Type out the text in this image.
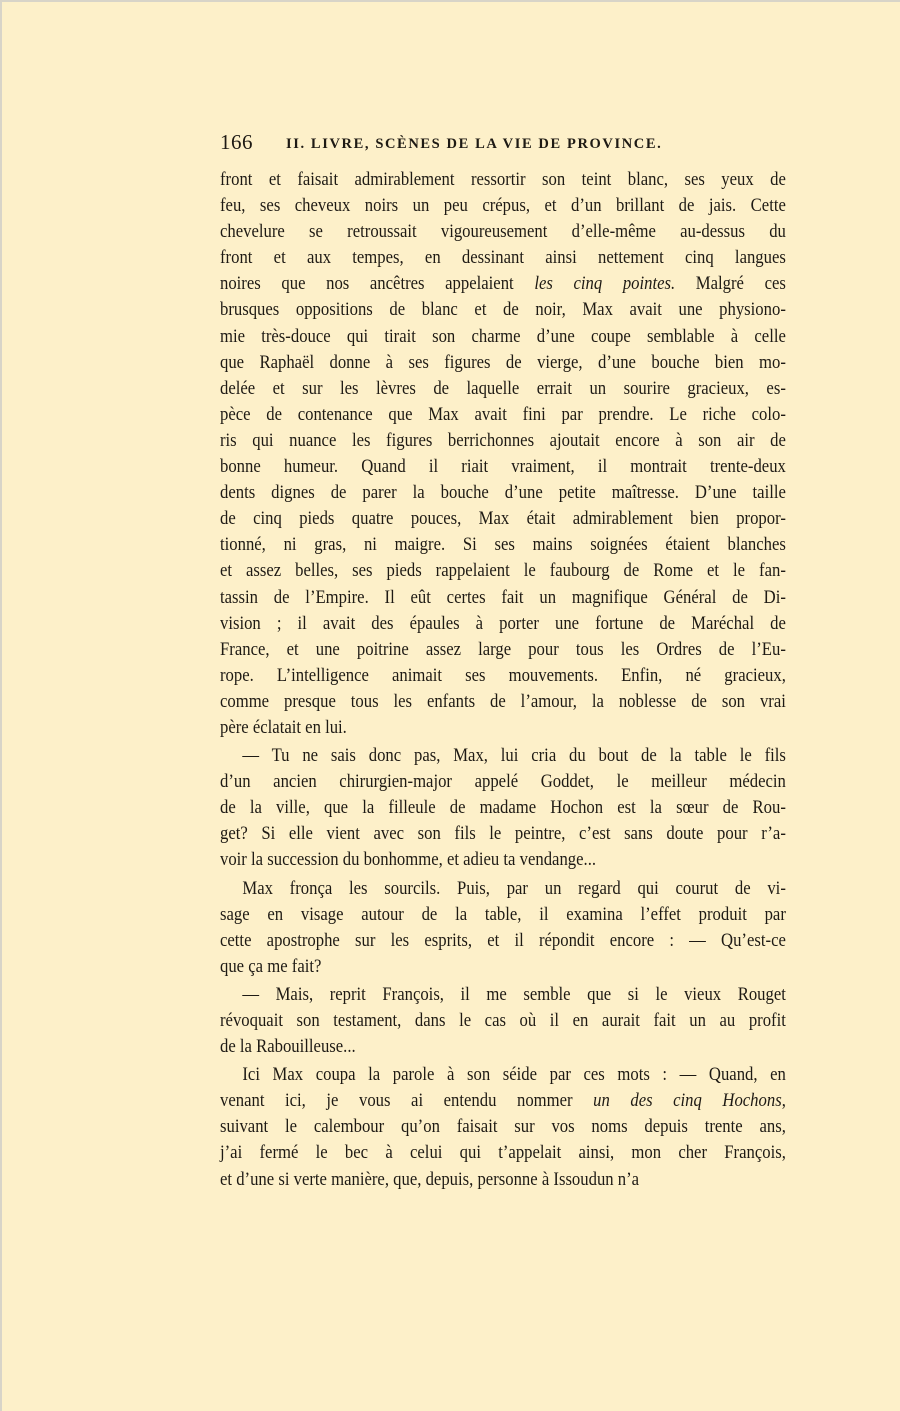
166 II. LIVRE, SCÈNES DE LA VIE DE PROVINCE.
front et faisait admirablement ressortir son teint blanc, ses yeux de
feu, ses cheveux noirs un peu crépus, et d’un brillant de jais. Cette
chevelure se retroussait vigoureusement d’elle-même au-dessus du
front et aux tempes, en dessinant ainsi nettement cinq langues
noires que nos ancêtres appelaient les cinq pointes. Malgré ces
brusques oppositions de blanc et de noir, Max avait une physiono-
mie très-douce qui tirait son charme d’une coupe semblable à celle
que Raphaël donne à ses figures de vierge, d’une bouche bien mo-
delée et sur les lèvres de laquelle errait un sourire gracieux, es-
pèce de contenance que Max avait fini par prendre. Le riche colo-
ris qui nuance les figures berrichonnes ajoutait encore à son air de
bonne humeur. Quand il riait vraiment, il montrait trente-deux
dents dignes de parer la bouche d’une petite maîtresse. D’une taille
de cinq pieds quatre pouces, Max était admirablement bien propor-
tionné, ni gras, ni maigre. Si ses mains soignées étaient blanches
et assez belles, ses pieds rappelaient le faubourg de Rome et le fan-
tassin de l’Empire. Il eût certes fait un magnifique Général de Di-
vision ; il avait des épaules à porter une fortune de Maréchal de
France, et une poitrine assez large pour tous les Ordres de l’Eu-
rope. L’intelligence animait ses mouvements. Enfin, né gracieux,
comme presque tous les enfants de l’amour, la noblesse de son vrai
père éclatait en lui.
— Tu ne sais donc pas, Max, lui cria du bout de la table le fils
d’un ancien chirurgien-major appelé Goddet, le meilleur médecin
de la ville, que la filleule de madame Hochon est la sœur de Rou-
get? Si elle vient avec son fils le peintre, c’est sans doute pour r’a-
voir la succession du bonhomme, et adieu ta vendange...
Max fronça les sourcils. Puis, par un regard qui courut de vi-
sage en visage autour de la table, il examina l’effet produit par
cette apostrophe sur les esprits, et il répondit encore : — Qu’est-ce
que ça me fait?
— Mais, reprit François, il me semble que si le vieux Rouget
révoquait son testament, dans le cas où il en aurait fait un au profit
de la Rabouilleuse...
Ici Max coupa la parole à son séide par ces mots : — Quand, en
venant ici, je vous ai entendu nommer un des cinq Hochons,
suivant le calembour qu’on faisait sur vos noms depuis trente ans,
j’ai fermé le bec à celui qui t’appelait ainsi, mon cher François,
et d’une si verte manière, que, depuis, personne à Issoudun n’a
